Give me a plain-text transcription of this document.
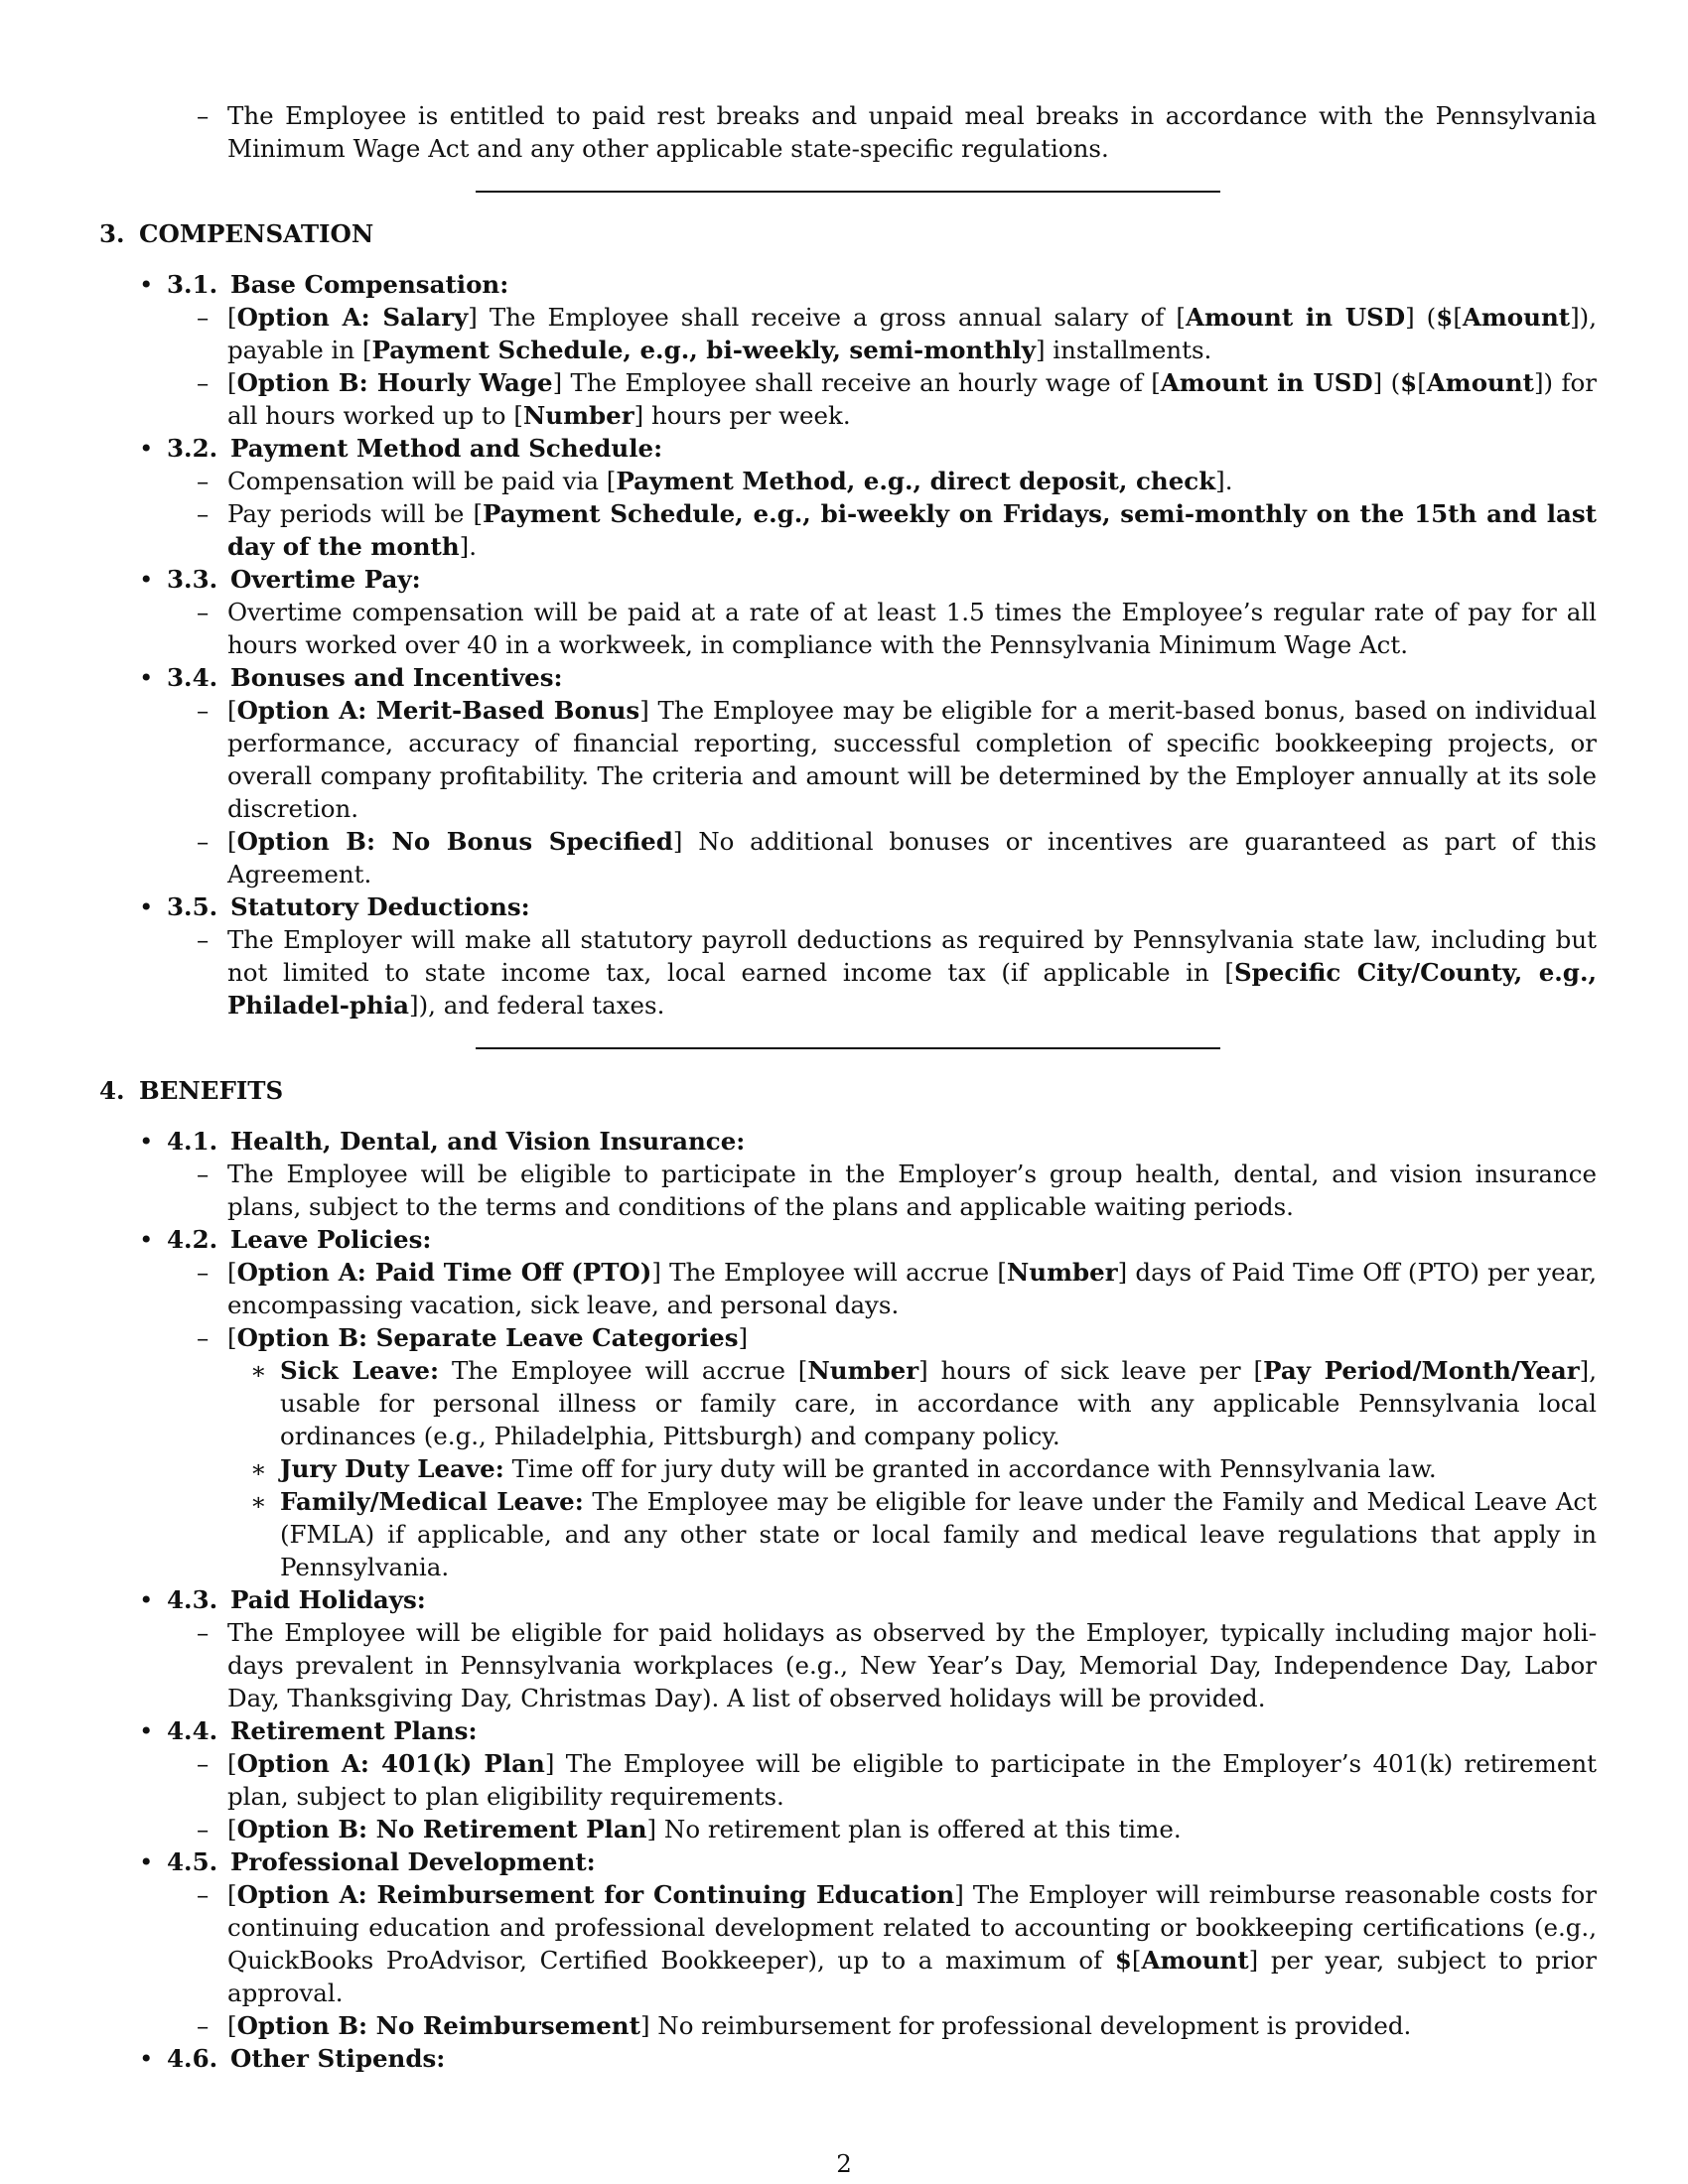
– The Employee is entitled to paid rest breaks and unpaid meal breaks in accordance with the Pennsylvania Minimum Wage Act and any other applicable state-specific regulations.
3. COMPENSATION
• 3.1. Base Compensation:
– [Option A: Salary] The Employee shall receive a gross annual salary of [Amount in USD] ($[Amount]), payable in [Payment Schedule, e.g., bi-weekly, semi-monthly] installments.
– [Option B: Hourly Wage] The Employee shall receive an hourly wage of [Amount in USD] ($[Amount]) for all hours worked up to [Number] hours per week.
• 3.2. Payment Method and Schedule:
– Compensation will be paid via [Payment Method, e.g., direct deposit, check].
– Pay periods will be [Payment Schedule, e.g., bi-weekly on Fridays, semi-monthly on the 15th and last day of the month].
• 3.3. Overtime Pay:
– Overtime compensation will be paid at a rate of at least 1.5 times the Employee’s regular rate of pay for all hours worked over 40 in a workweek, in compliance with the Pennsylvania Minimum Wage Act.
• 3.4. Bonuses and Incentives:
– [Option A: Merit-Based Bonus] The Employee may be eligible for a merit-based bonus, based on individual performance, accuracy of financial reporting, successful completion of specific bookkeeping projects, or overall company profitability. The criteria and amount will be determined by the Employer annually at its sole discretion.
– [Option B: No Bonus Specified] No additional bonuses or incentives are guaranteed as part of this Agreement.
• 3.5. Statutory Deductions:
– The Employer will make all statutory payroll deductions as required by Pennsylvania state law, including but not limited to state income tax, local earned income tax (if applicable in [Specific City/County, e.g., Philadel-phia]), and federal taxes.
4. BENEFITS
• 4.1. Health, Dental, and Vision Insurance:
– The Employee will be eligible to participate in the Employer’s group health, dental, and vision insurance plans, subject to the terms and conditions of the plans and applicable waiting periods.
• 4.2. Leave Policies:
– [Option A: Paid Time Off (PTO)] The Employee will accrue [Number] days of Paid Time Off (PTO) per year, encompassing vacation, sick leave, and personal days.
– [Option B: Separate Leave Categories]
∗ Sick Leave: The Employee will accrue [Number] hours of sick leave per [Pay Period/Month/Year], usable for personal illness or family care, in accordance with any applicable Pennsylvania local ordinances (e.g., Philadelphia, Pittsburgh) and company policy.
∗ Jury Duty Leave: Time off for jury duty will be granted in accordance with Pennsylvania law.
∗ Family/Medical Leave: The Employee may be eligible for leave under the Family and Medical Leave Act (FMLA) if applicable, and any other state or local family and medical leave regulations that apply in Pennsylvania.
• 4.3. Paid Holidays:
– The Employee will be eligible for paid holidays as observed by the Employer, typically including major holi-days prevalent in Pennsylvania workplaces (e.g., New Year’s Day, Memorial Day, Independence Day, Labor Day, Thanksgiving Day, Christmas Day). A list of observed holidays will be provided.
• 4.4. Retirement Plans:
– [Option A: 401(k) Plan] The Employee will be eligible to participate in the Employer’s 401(k) retirement plan, subject to plan eligibility requirements.
– [Option B: No Retirement Plan] No retirement plan is offered at this time.
• 4.5. Professional Development:
– [Option A: Reimbursement for Continuing Education] The Employer will reimburse reasonable costs for continuing education and professional development related to accounting or bookkeeping certifications (e.g., QuickBooks ProAdvisor, Certified Bookkeeper), up to a maximum of $[Amount] per year, subject to prior approval.
– [Option B: No Reimbursement] No reimbursement for professional development is provided.
• 4.6. Other Stipends:
2
